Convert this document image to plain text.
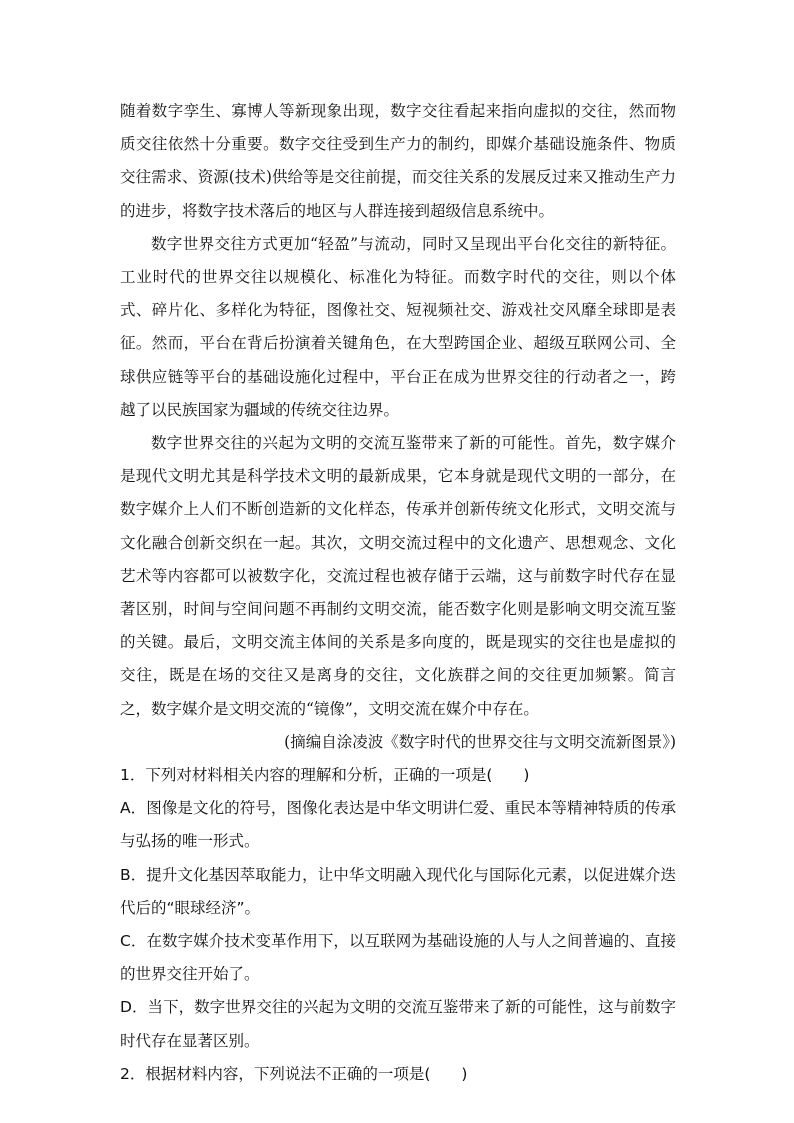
随着数字孪生、寡博人等新现象出现，数字交往看起来指向虚拟的交往，然而物质交往依然十分重要。数字交往受到生产力的制约，即媒介基础设施条件、物质交往需求、资源(技术)供给等是交往前提，而交往关系的发展反过来又推动生产力的进步，将数字技术落后的地区与人群连接到超级信息系统中。

数字世界交往方式更加“轻盈”与流动，同时又呈现出平台化交往的新特征。工业时代的世界交往以规模化、标准化为特征。而数字时代的交往，则以个体式、碎片化、多样化为特征，图像社交、短视频社交、游戏社交风靡全球即是表征。然而，平台在背后扮演着关键角色，在大型跨国企业、超级互联网公司、全球供应链等平台的基础设施化过程中，平台正在成为世界交往的行动者之一，跨越了以民族国家为疆域的传统交往边界。

数字世界交往的兴起为文明的交流互鉴带来了新的可能性。首先，数字媒介是现代文明尤其是科学技术文明的最新成果，它本身就是现代文明的一部分，在数字媒介上人们不断创造新的文化样态，传承并创新传统文化形式，文明交流与文化融合创新交织在一起。其次，文明交流过程中的文化遗产、思想观念、文化艺术等内容都可以被数字化，交流过程也被存储于云端，这与前数字时代存在显著区别，时间与空间问题不再制约文明交流，能否数字化则是影响文明交流互鉴的关键。最后，文明交流主体间的关系是多向度的，既是现实的交往也是虚拟的交往，既是在场的交往又是离身的交往，文化族群之间的交往更加频繁。简言之，数字媒介是文明交流的“镜像”，文明交流在媒介中存在。

(摘编自涂凌波《数字时代的世界交往与文明交流新图景》)

1．下列对材料相关内容的理解和分析，正确的一项是(　　)

A．图像是文化的符号，图像化表达是中华文明讲仁爱、重民本等精神特质的传承与弘扬的唯一形式。

B．提升文化基因萃取能力，让中华文明融入现代化与国际化元素，以促进媒介迭代后的“眼球经济”。

C．在数字媒介技术变革作用下，以互联网为基础设施的人与人之间普遍的、直接的世界交往开始了。

D．当下，数字世界交往的兴起为文明的交流互鉴带来了新的可能性，这与前数字时代存在显著区别。

2．根据材料内容，下列说法不正确的一项是(　　)
